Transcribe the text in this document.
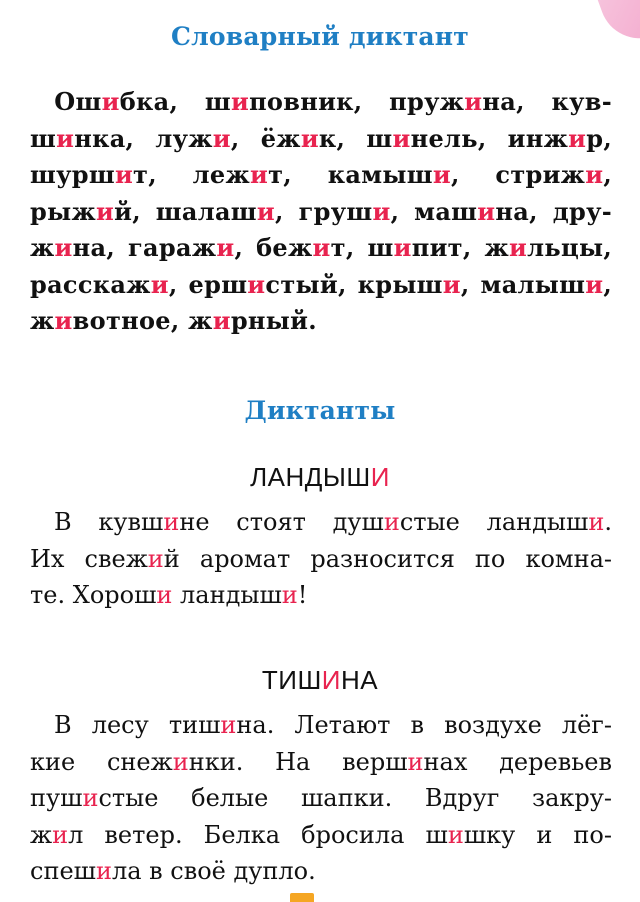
Словарный диктант
 Ошибка, шиповник, пружина, кув-
шинка, лужи, ёжик, шинель, инжир,
шуршит, лежит, камыши, стрижи,
рыжий, шалаши, груши, машина, дру-
жина, гаражи, бежит, шипит, жильцы,
расскажи, ершистый, крыши, малыши,
животное, жирный.
Диктанты
ЛАНДЫШИ
 В кувшине стоят душистые ландыши.
Их свежий аромат разносится по комна-
те. Хороши ландыши!
ТИШИНА
 В лесу тишина. Летают в воздухе лёг-
кие снежинки. На вершинах деревьев
пушистые белые шапки. Вдруг закру-
жил ветер. Белка бросила шишку и по-
спешила в своё дупло.
